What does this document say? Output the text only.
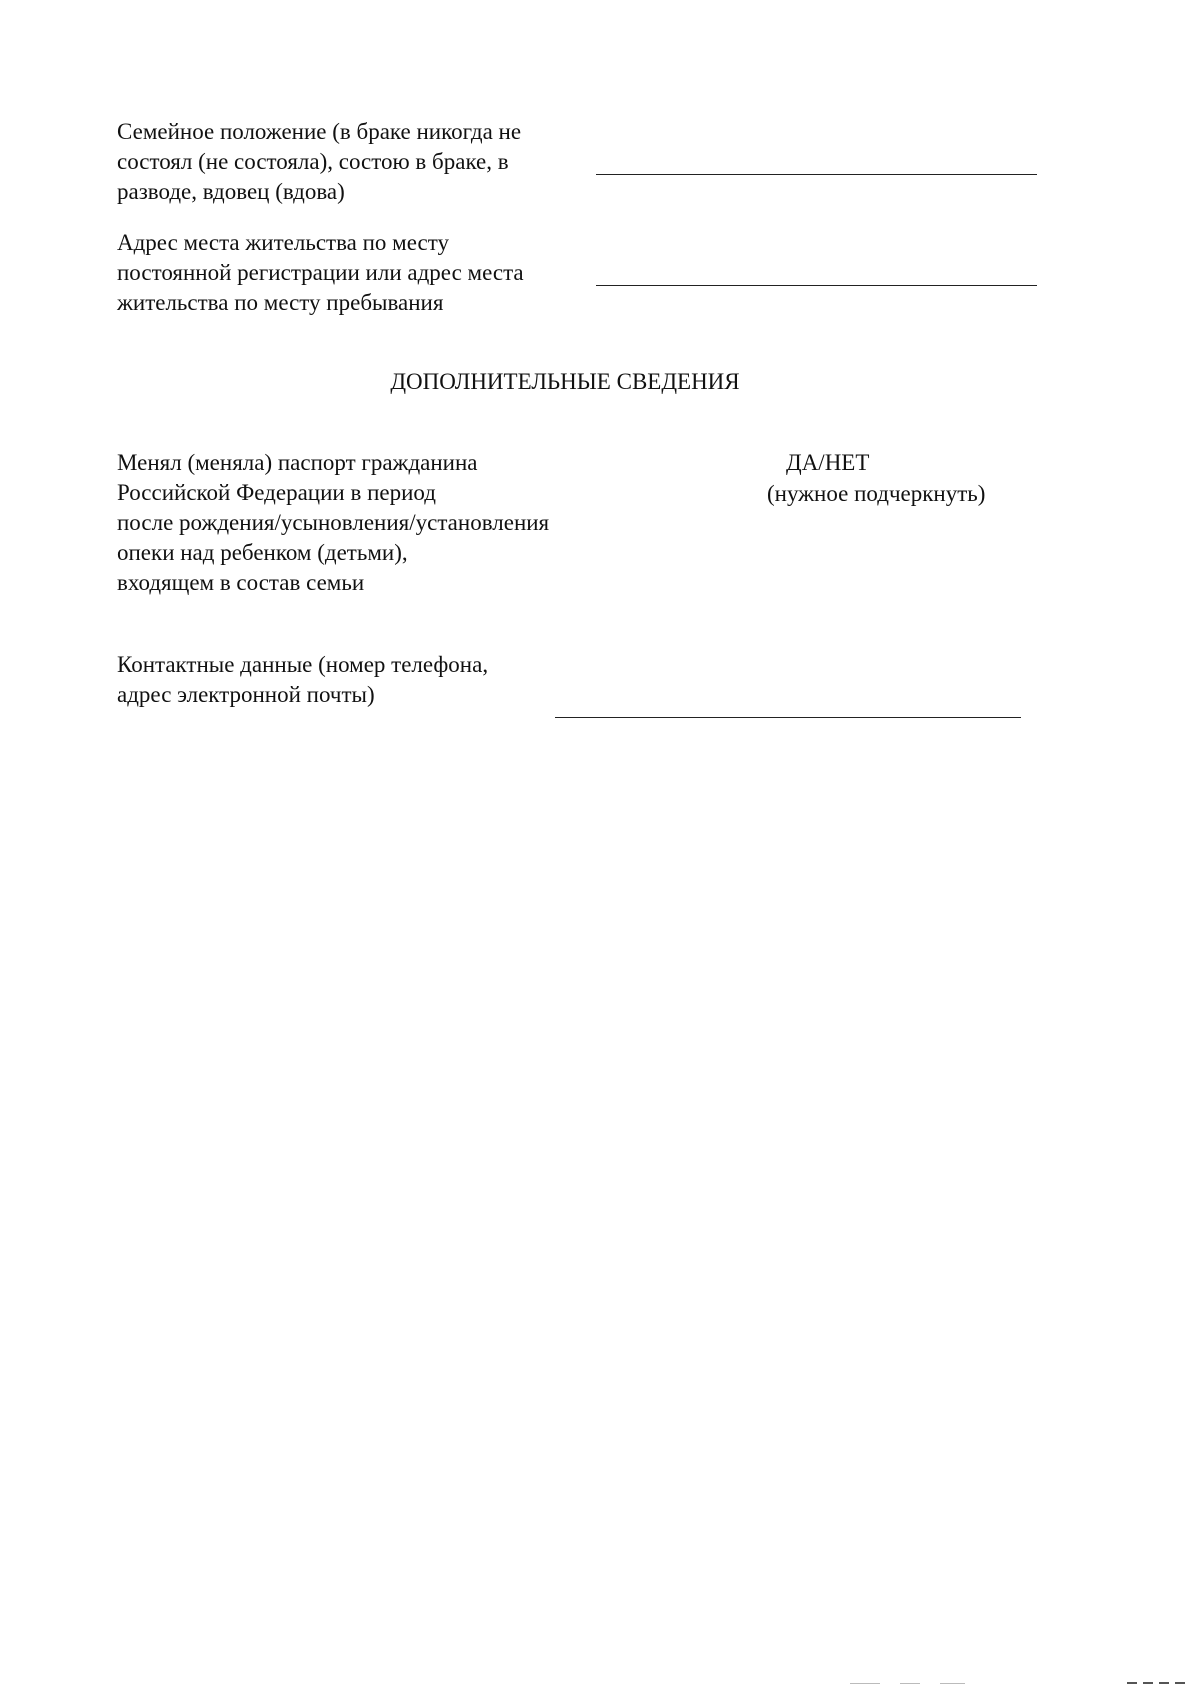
Семейное положение (в браке никогда не

состоял (не состояла), состою в браке, в

разводе, вдовец (вдова)

Адрес места жительства по месту

постоянной регистрации или адрес места

жительства по месту пребывания

ДОПОЛНИТЕЛЬНЫЕ СВЕДЕНИЯ

Менял (меняла) паспорт гражданина

Российской Федерации в период

после рождения/усыновления/установления

опеки над ребенком (детьми),

входящем в состав семьи

ДА/НЕТ
(нужное подчеркнуть)

Контактные данные (номер телефона,

адрес электронной почты)
